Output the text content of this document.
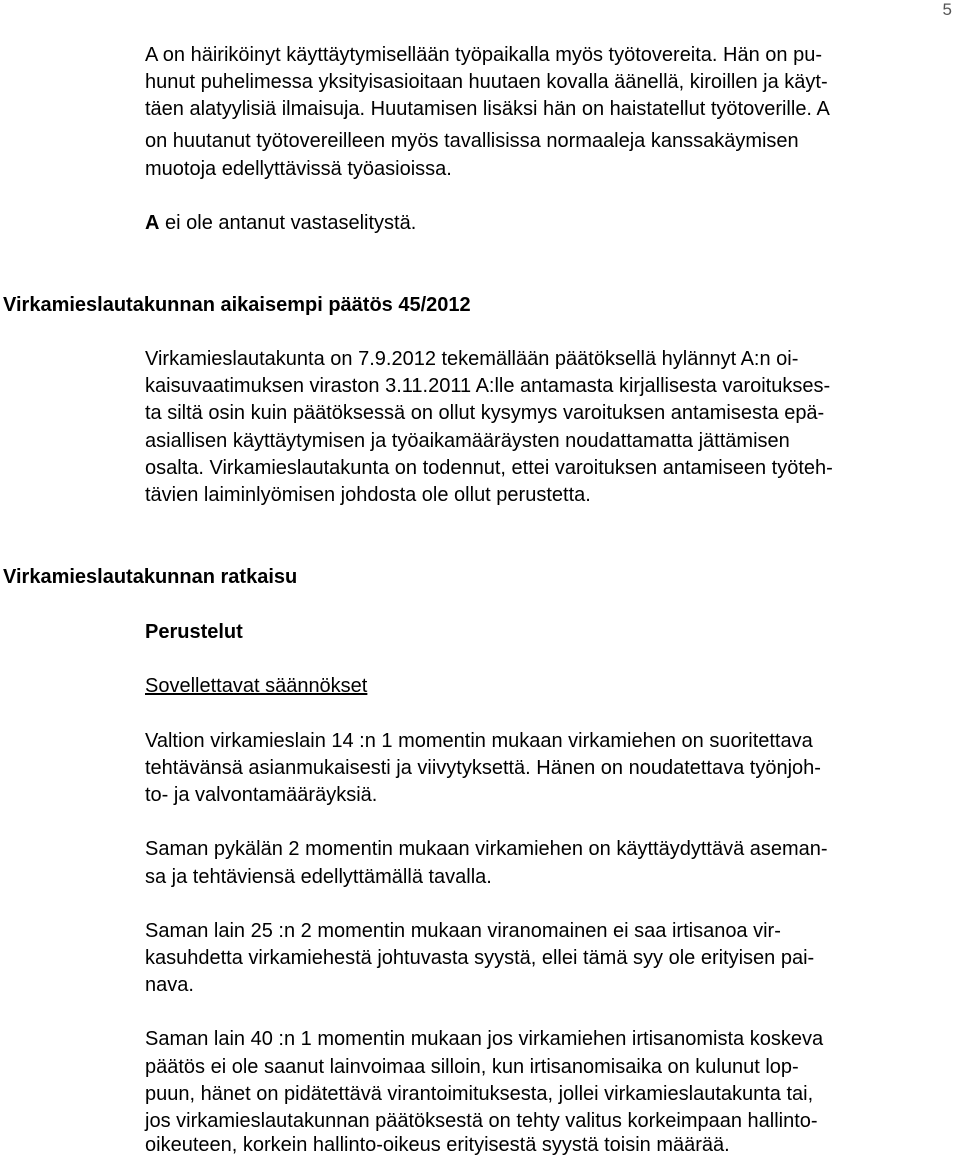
5
A on häiriköinyt käyttäytymisellään työpaikalla myös työtovereita. Hän on pu-
hunut puhelimessa yksityisasioitaan huutaen kovalla äänellä, kiroillen ja käyt-
täen alatyylisiä ilmaisuja. Huutamisen lisäksi hän on haistatellut työtoverille. A
on huutanut työtovereilleen myös tavallisissa normaaleja kanssakäymisen
muotoja edellyttävissä työasioissa.
A ei ole antanut vastaselitystä.
Virkamieslautakunnan aikaisempi päätös 45/2012
Virkamieslautakunta on 7.9.2012 tekemällään päätöksellä hylännyt A:n oi-
kaisuvaatimuksen viraston 3.11.2011 A:lle antamasta kirjallisesta varoitukses-
ta siltä osin kuin päätöksessä on ollut kysymys varoituksen antamisesta epä-
asiallisen käyttäytymisen ja työaikamääräysten noudattamatta jättämisen
osalta. Virkamieslautakunta on todennut, ettei varoituksen antamiseen työteh-
tävien laiminlyömisen johdosta ole ollut perustetta.
Virkamieslautakunnan ratkaisu
Perustelut
Sovellettavat säännökset
Valtion virkamieslain 14 :n 1 momentin mukaan virkamiehen on suoritettava
tehtävänsä asianmukaisesti ja viivytyksettä. Hänen on noudatettava työnjoh-
to- ja valvontamääräyksiä.
Saman pykälän 2 momentin mukaan virkamiehen on käyttäydyttävä aseman-
sa ja tehtäviensä edellyttämällä tavalla.
Saman lain 25 :n 2 momentin mukaan viranomainen ei saa irtisanoa vir-
kasuhdetta virkamiehestä johtuvasta syystä, ellei tämä syy ole erityisen pai-
nava.
Saman lain 40 :n 1 momentin mukaan jos virkamiehen irtisanomista koskeva
päätös ei ole saanut lainvoimaa silloin, kun irtisanomisaika on kulunut lop-
puun, hänet on pidätettävä virantoimituksesta, jollei virkamieslautakunta tai,
jos virkamieslautakunnan päätöksestä on tehty valitus korkeimpaan hallinto-
oikeuteen, korkein hallinto-oikeus erityisestä syystä toisin määrää.
